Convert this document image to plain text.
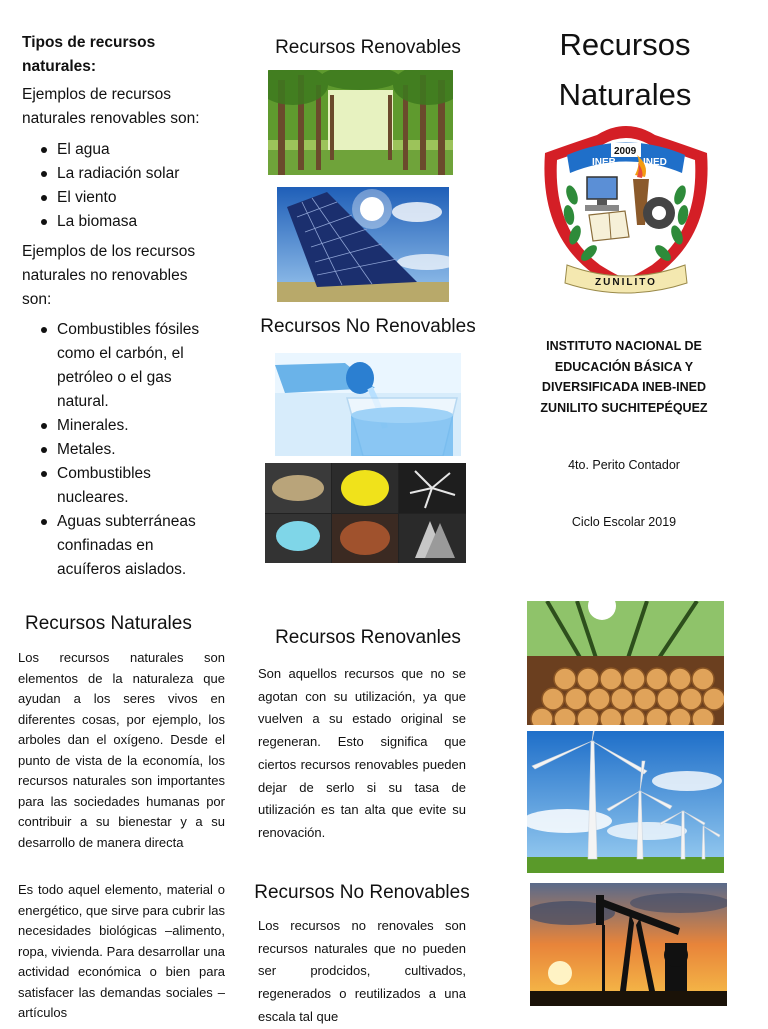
Tipos de recursos naturales:
Ejemplos de recursos naturales renovables son:
El agua
La radiación solar
El viento
La biomasa
Ejemplos de los recursos naturales no renovables son:
Combustibles fósiles como el carbón, el petróleo o el gas natural.
Minerales.
Metales.
Combustibles nucleares.
Aguas subterráneas confinadas en acuíferos aislados.
Recursos Renovables
Recursos No Renovables
Recursos
Naturales
INEB
2009
INED
ZUNILITO
INSTITUTO NACIONAL DE EDUCACIÓN BÁSICA Y DIVERSIFICADA INEB-INED ZUNILITO SUCHITEPÉQUEZ
4to. Perito Contador
Ciclo Escolar 2019
Recursos Naturales
Los recursos naturales son elementos de la naturaleza que ayudan a los seres vivos en diferentes cosas, por ejemplo, los arboles dan el oxígeno. Desde el punto de vista de la economía, los recursos naturales son importantes para las sociedades humanas por contribuir a su bienestar y a su desarrollo de manera directa
Es todo aquel elemento, material o energético, que sirve para cubrir las necesidades biológicas –alimento, ropa, vivienda. Para desarrollar una actividad económica o bien para satisfacer las demandas sociales –artículos
Recursos Renovanles
Son aquellos recursos que no se agotan con su utilización, ya que vuelven a su estado original se regeneran. Esto significa que ciertos recursos renovables pueden dejar de serlo si su tasa de utilización es tan alta que evite su renovación.
Recursos No Renovables
Los recursos no renovales son recursos naturales que no pueden ser prodcidos, cultivados, regenerados o reutilizados a una escala tal que
